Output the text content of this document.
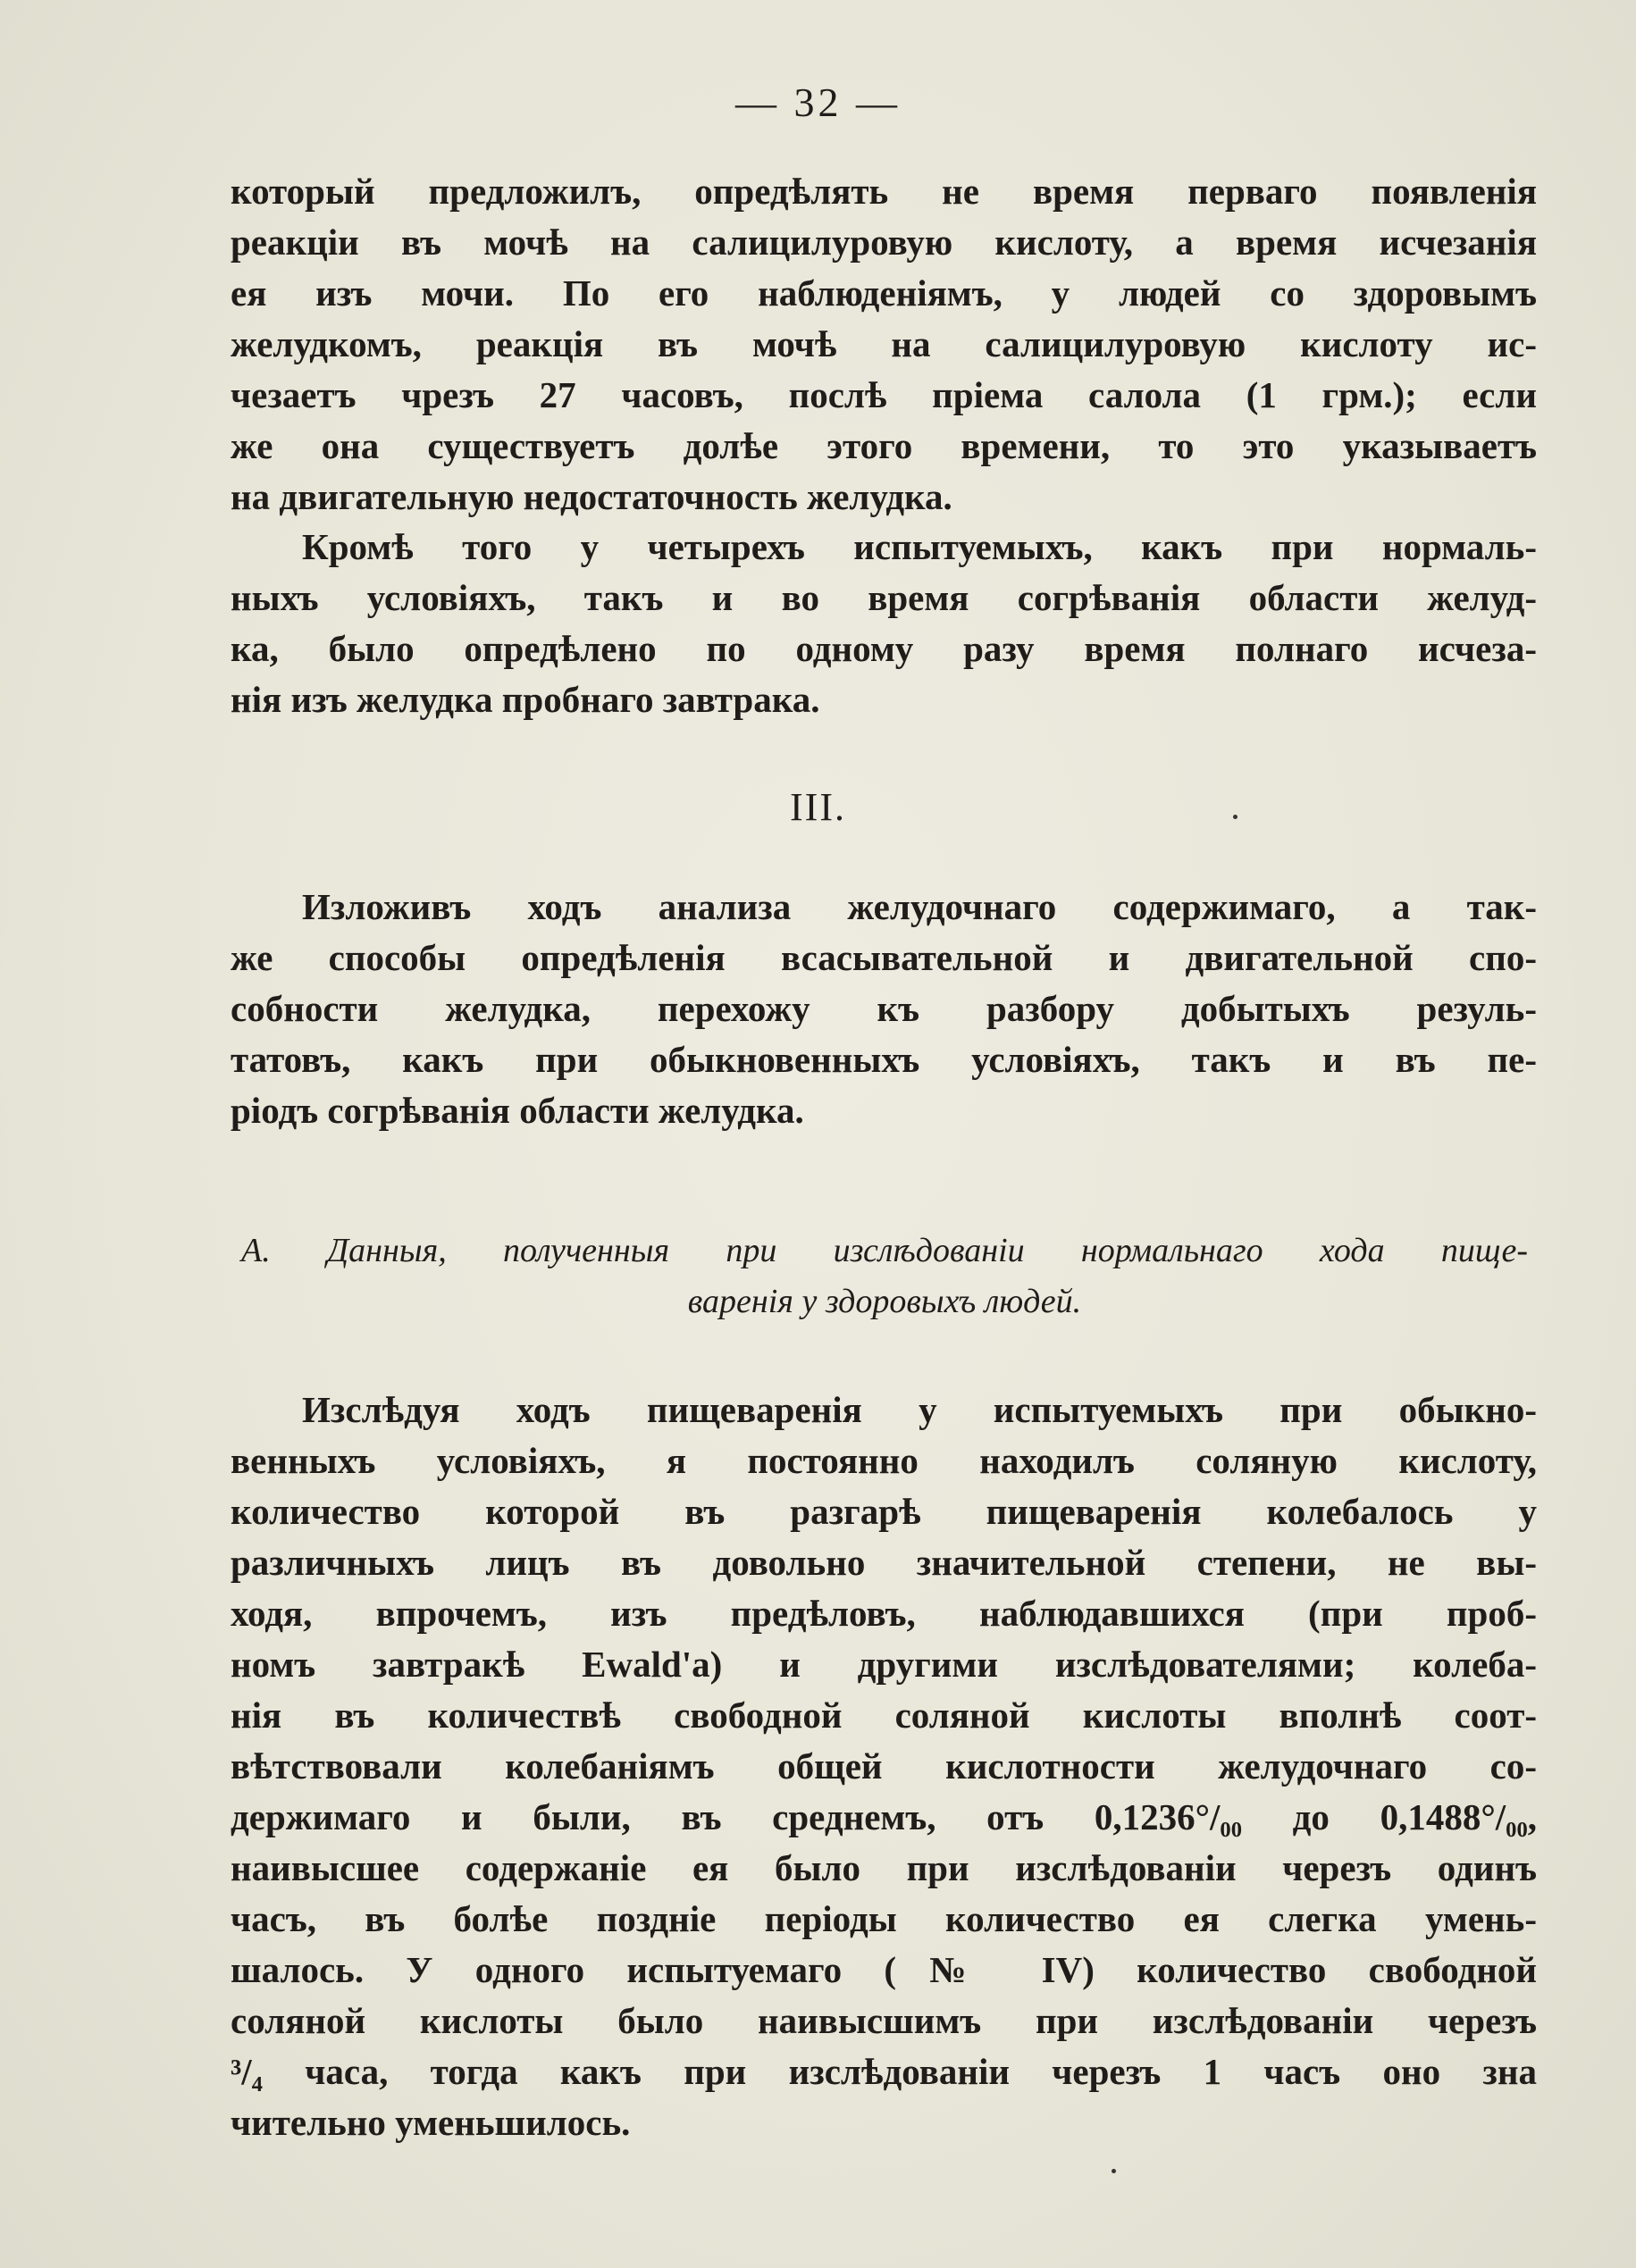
— 32 —
который предложилъ, опредѣлять не время перваго появленія
реакціи въ мочѣ на салицилуровую кислоту, а время исчезанія
ея изъ мочи. По его наблюденіямъ, у людей со здоровымъ
желудкомъ, реакція въ мочѣ на салицилуровую кислоту ис-
чезаетъ чрезъ 27 часовъ, послѣ пріема салола (1 грм.); если
же она существуетъ долѣе этого времени, то это указываетъ
на двигательную недостаточность желудка.
Кромѣ того у четырехъ испытуемыхъ, какъ при нормаль-
ныхъ условіяхъ, такъ и во время согрѣванія области желуд-
ка, было опредѣлено по одному разу время полнаго исчеза-
нія изъ желудка пробнаго завтрака.
III.
Изложивъ ходъ анализа желудочнаго содержимаго, а так-
же способы опредѣленія всасывательной и двигательной спо-
собности желудка, перехожу къ разбору добытыхъ резуль-
татовъ, какъ при обыкновенныхъ условіяхъ, такъ и въ пе-
ріодъ согрѣванія области желудка.
А. Данныя, полученныя при изслѣдованіи нормальнаго хода пище-
варенія у здоровыхъ людей.
Изслѣдуя ходъ пищеваренія у испытуемыхъ при обыкно-
венныхъ условіяхъ, я постоянно находилъ соляную кислоту,
количество которой въ разгарѣ пищеваренія колебалось у
различныхъ лицъ въ довольно значительной степени, не вы-
ходя, впрочемъ, изъ предѣловъ, наблюдавшихся (при проб-
номъ завтракѣ Ewald'a) и другими изслѣдователями; колеба-
нія въ количествѣ свободной соляной кислоты вполнѣ соот-
вѣтствовали колебаніямъ общей кислотности желудочнаго со-
держимаго и были, въ среднемъ, отъ 0,1236°/₀₀ до 0,1488°/₀₀,
наивысшее содержаніе ея было при изслѣдованіи черезъ одинъ
часъ, въ болѣе поздніе періоды количество ея слегка умень-
шалось. У одного испытуемаго (№ IV) количество свободной
соляной кислоты было наивысшимъ при изслѣдованіи черезъ
³/₄ часа, тогда какъ при изслѣдованіи черезъ 1 часъ оно зна
чительно уменьшилось.
